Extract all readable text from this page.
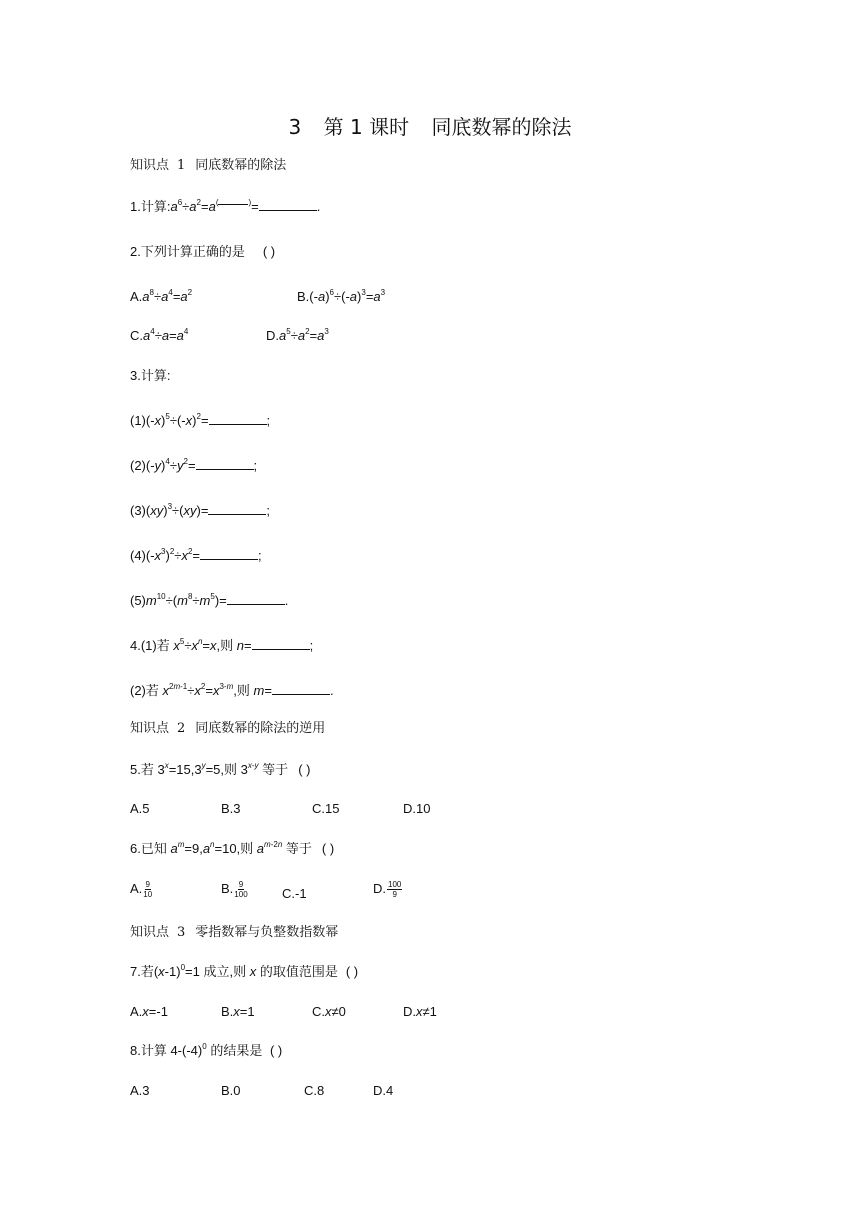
3 第 1 课时 同底数幂的除法
知识点 1 同底数幂的除法
1.计算$:a^6\div a^2=a^{( )}=$	.
2.下列计算正确的是 ( )
$A.a^8\div a^4=a^2$	$B.(-a)^6\div(-a)^3=a^3$
$C.a^4\div a=a^4$	$D.a^5\div a^2=a^3$
3.计算:
$(1)(-x)^5\div(-x)^2=$	;
$(2)(-y)^4\div y^2=$	;
(3)(xy)$^3$÷(xy)=	;
$(4)(-x^3)^2\div x^2=$	;
$(5)m^{10}\div(m^8\div m^5)=$	.
4.(1)若 $x^5\div x^n=x$,则 n=	;
(2)若 $x^{2m-1}\div x^2=x^{3-m}$,则 m=	.
知识点 2 同底数幂的除法的逆用
5.若 $3^x=15,3^y=5$,则 3$^{x-y}$ 等于 ( )
A.5	B.3	C.15	D.10
6.已知 $a^m=9,a^n=10$,则 $a^{m-2n}$ 等于 ( )
A. $\frac{9}{10}$	B. $\frac{9}{100}$	C.-1	D. $\frac{100}{9}$
知识点 3 零指数幂与负整数指数幂
7.若$(x-1)^0=1$ 成立,则 x 的取值范围是 ( )
A.x=-1	B.x=1	C.x≠0	D.x≠1
8.计算 $4-(-4)^0$ 的结果是 ( )
A.3	B.0	C.8	D.4
